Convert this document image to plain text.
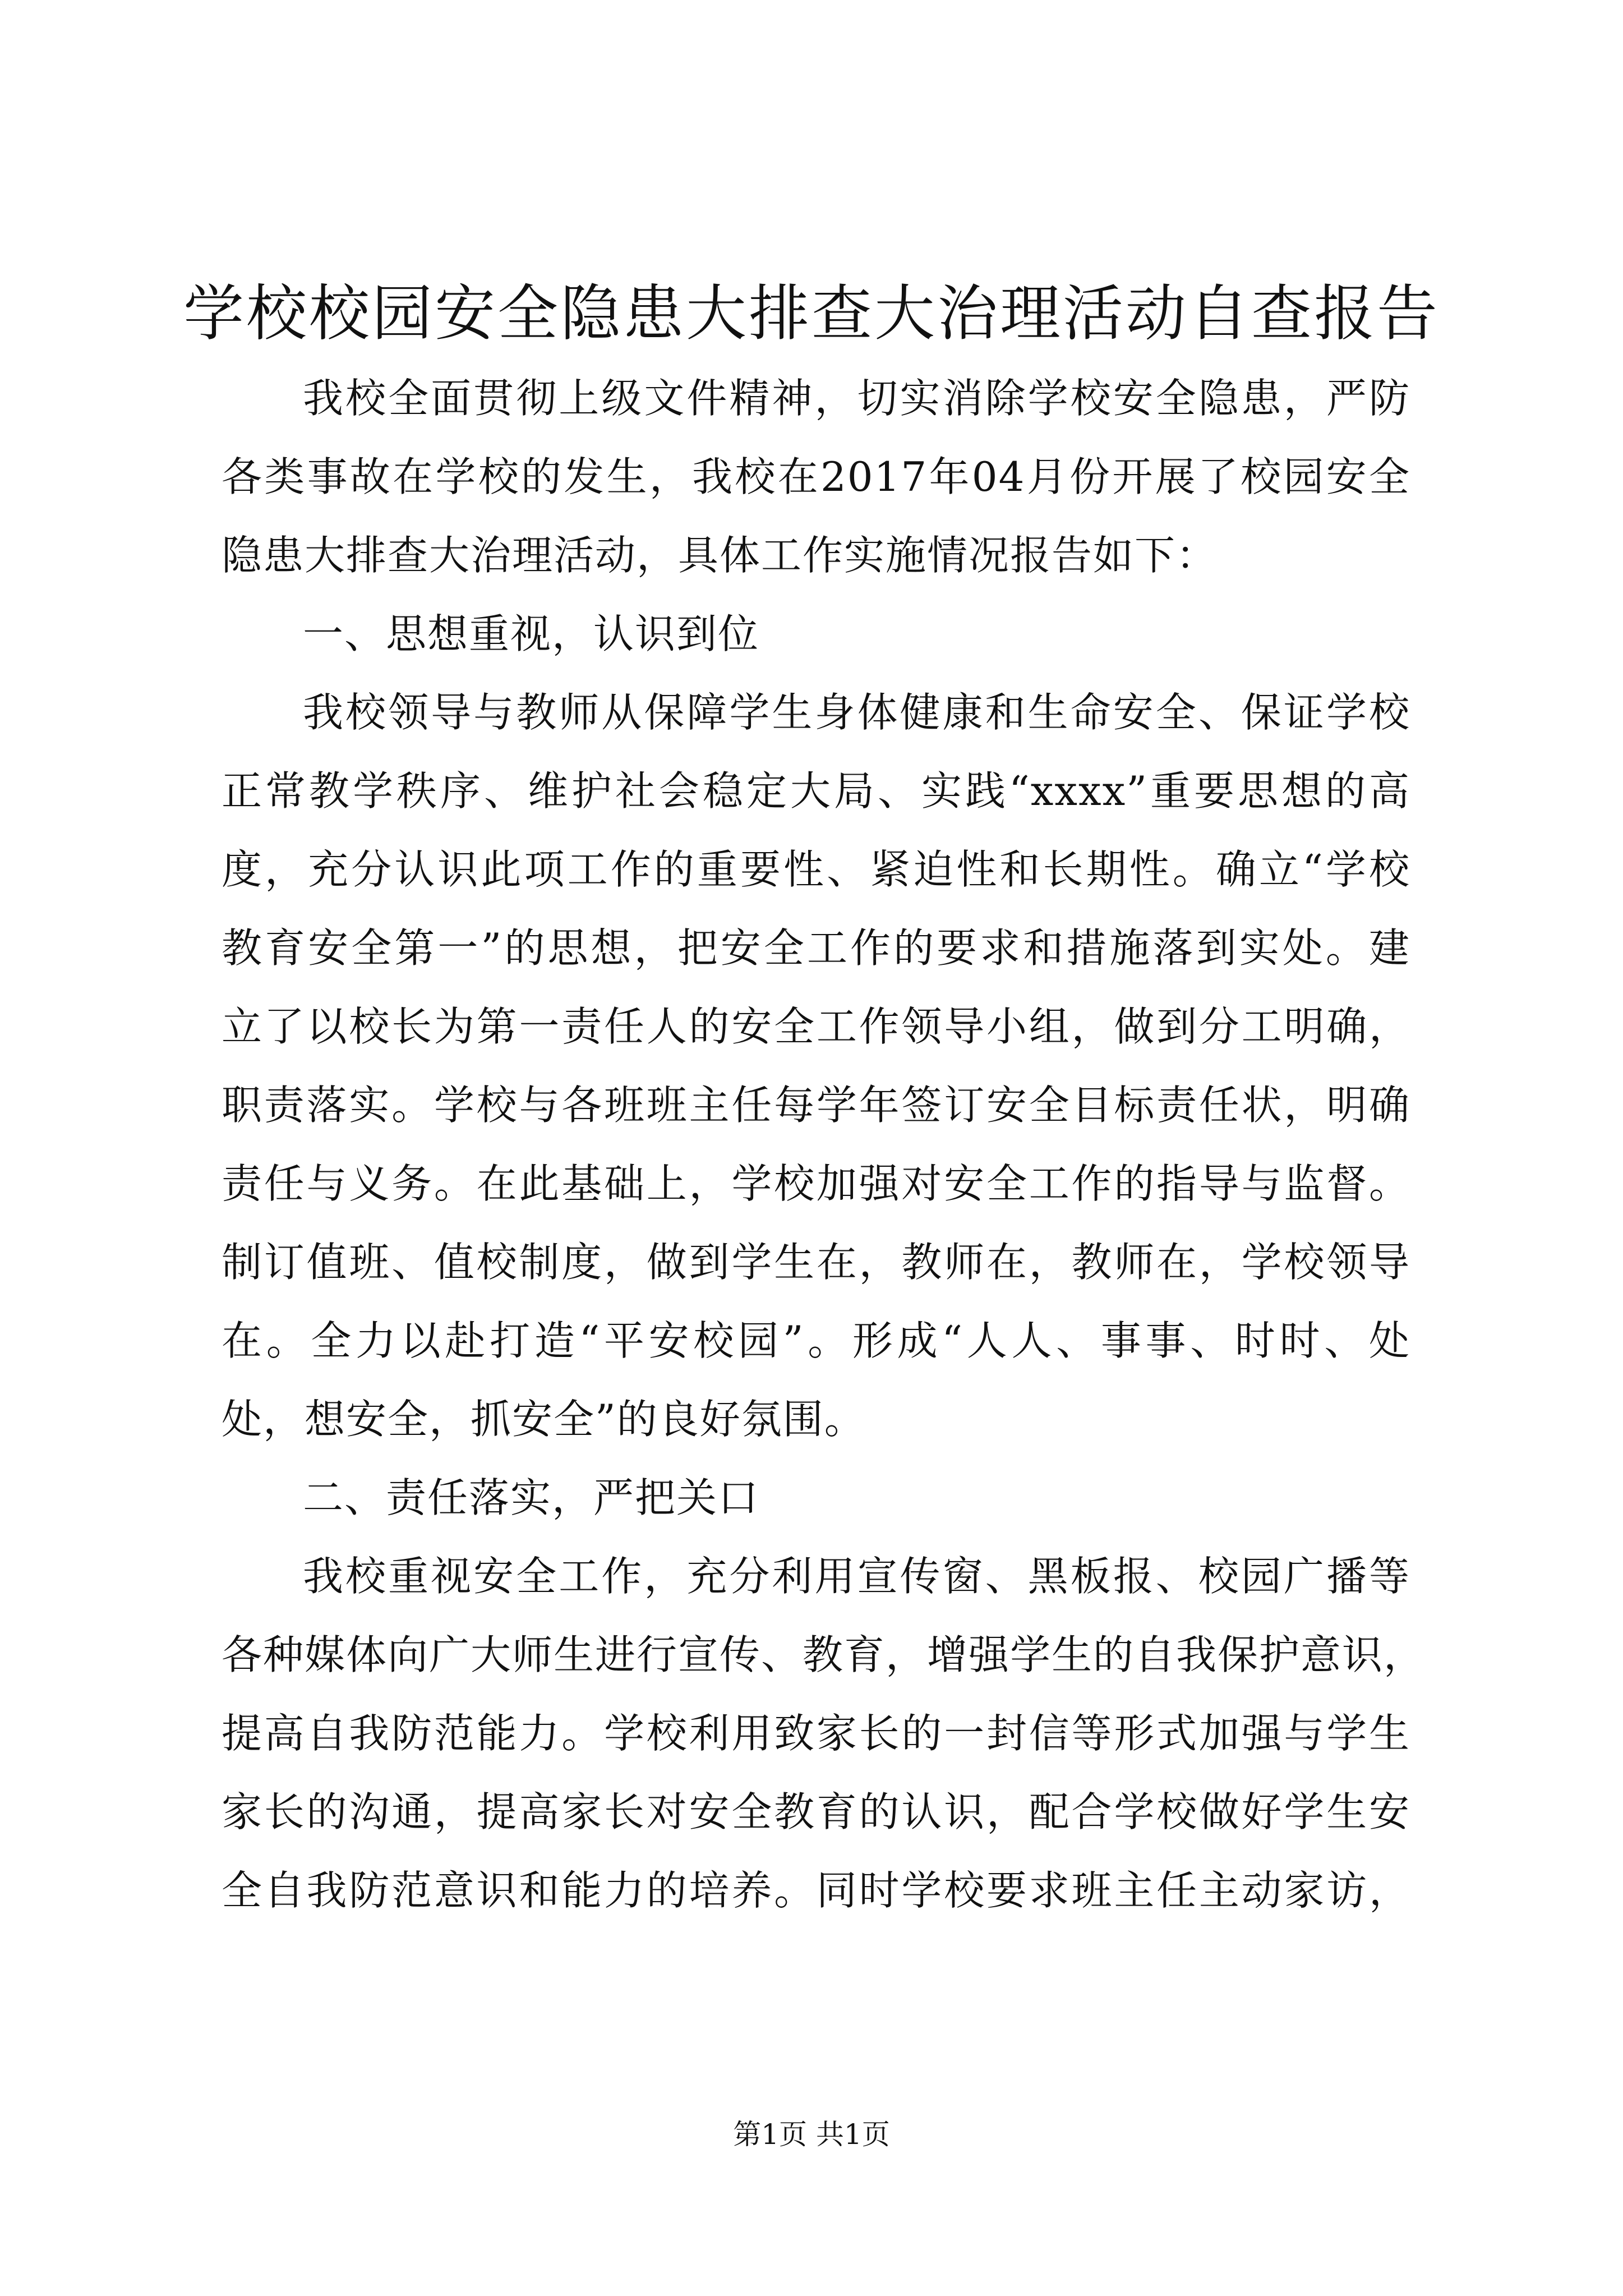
学校校园安全隐患大排查大治理活动自查报告
我校全面贯彻上级文件精神，切实消除学校安全隐患，严防
各类事故在学校的发生，我校在2017年04月份开展了校园安全
隐患大排查大治理活动，具体工作实施情况报告如下：
一、思想重视，认识到位
我校领导与教师从保障学生身体健康和生命安全、保证学校
正常教学秩序、维护社会稳定大局、实践“xxxx”重要思想的高
度，充分认识此项工作的重要性、紧迫性和长期性。确立“学校
教育安全第一”的思想，把安全工作的要求和措施落到实处。建
立了以校长为第一责任人的安全工作领导小组，做到分工明确，
职责落实。学校与各班班主任每学年签订安全目标责任状，明确
责任与义务。在此基础上，学校加强对安全工作的指导与监督。
制订值班、值校制度，做到学生在，教师在，教师在，学校领导
在。全力以赴打造“平安校园”。形成“人人、事事、时时、处
处，想安全，抓安全”的良好氛围。
二、责任落实，严把关口
我校重视安全工作，充分利用宣传窗、黑板报、校园广播等
各种媒体向广大师生进行宣传、教育，增强学生的自我保护意识，
提高自我防范能力。学校利用致家长的一封信等形式加强与学生
家长的沟通，提高家长对安全教育的认识，配合学校做好学生安
全自我防范意识和能力的培养。同时学校要求班主任主动家访，
第1页 共1页
